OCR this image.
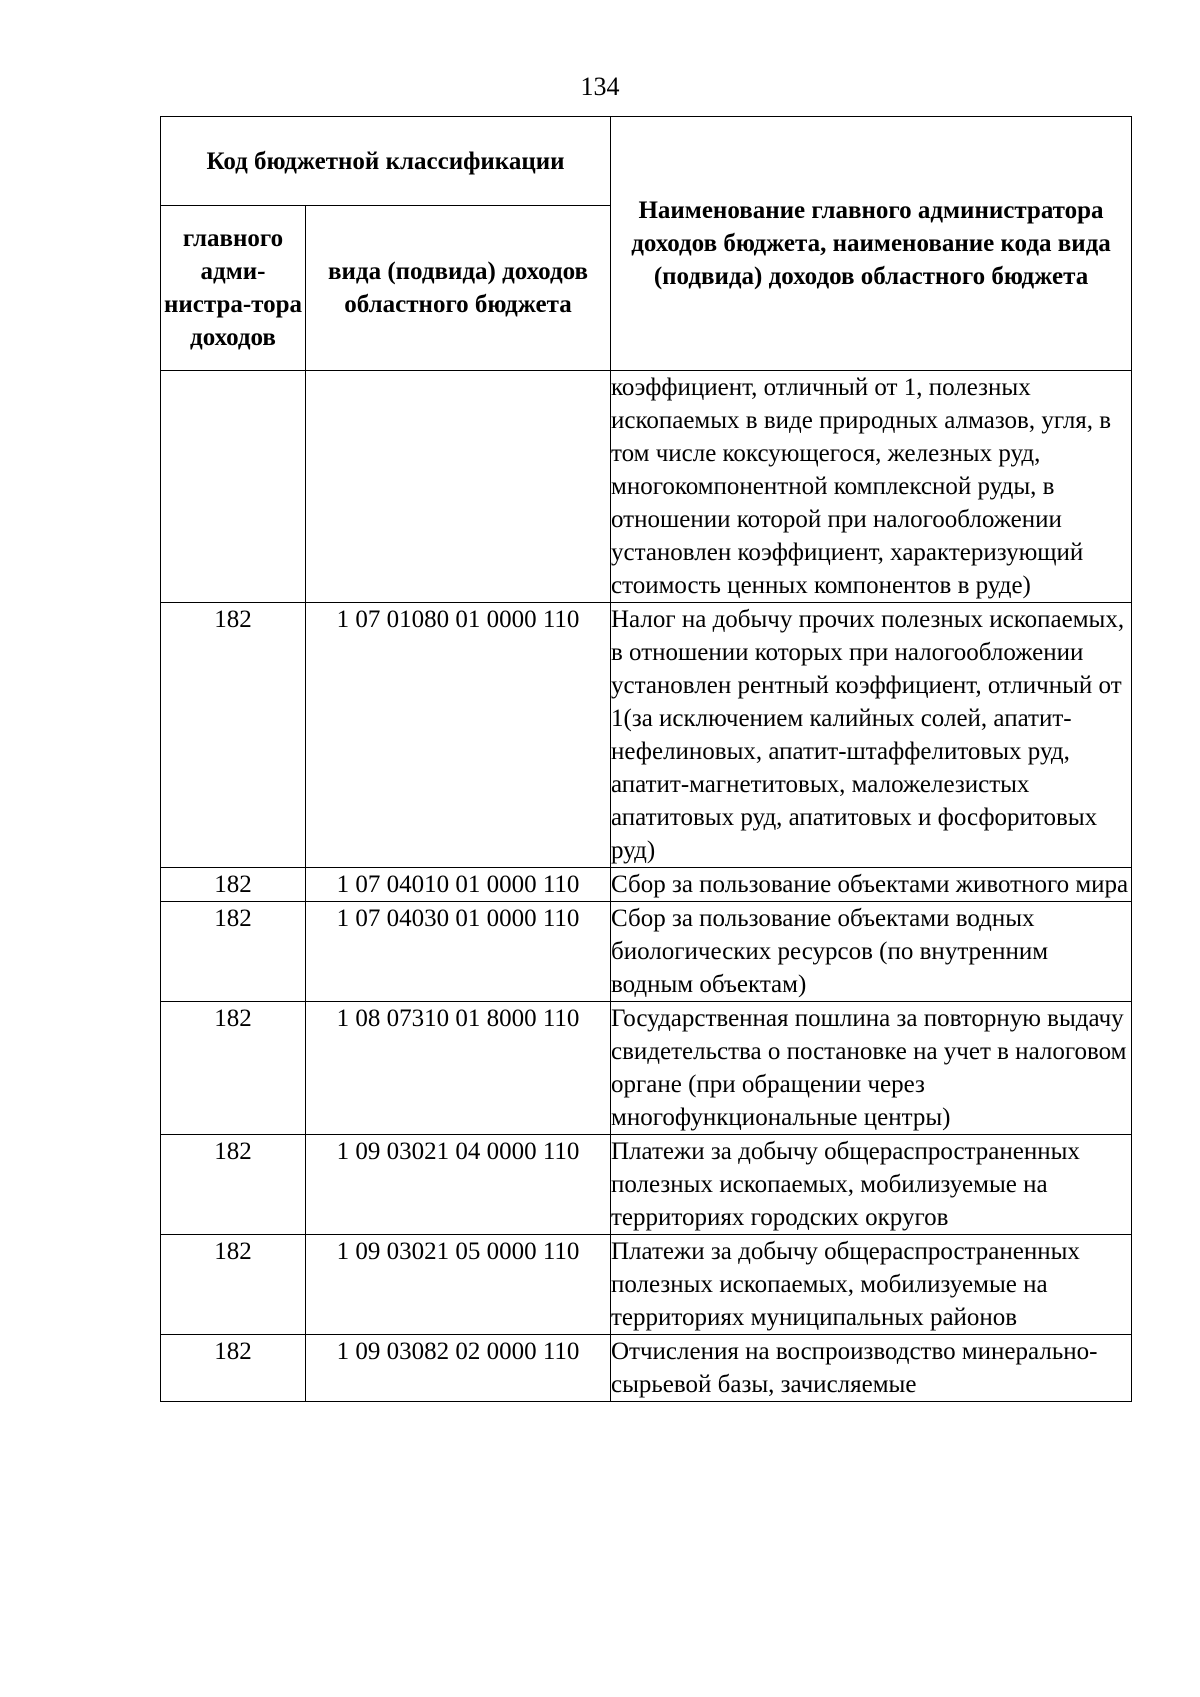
134
Код бюджетной классификации		Наименование главного администратора доходов бюджета, наименование кода вида (подвида) доходов областного бюджета
главного адми-нистра-тора доходов	вида (подвида) доходов областного бюджета	
		коэффициент, отличный от 1, полезных ископаемых в виде природных алмазов, угля, в том числе коксующегося, железных руд, многокомпонентной комплексной руды, в отношении которой при налогообложении установлен коэффициент, характеризующий стоимость ценных компонентов в руде)
182	1 07 01080 01 0000 110	Налог на добычу прочих полезных ископаемых, в отношении которых при налогообложении установлен рентный коэффициент, отличный от 1(за исключением калийных солей, апатит-нефелиновых, апатит-штаффелитовых руд, апатит-магнетитовых, маложелезистых апатитовых руд, апатитовых и фосфоритовых руд)
182	1 07 04010 01 0000 110	Сбор за пользование объектами животного мира
182	1 07 04030 01 0000 110	Сбор за пользование объектами водных биологических ресурсов (по внутренним водным объектам)
182	1 08 07310 01 8000 110	Государственная пошлина за повторную выдачу свидетельства о постановке на учет в налоговом органе (при обращении через многофункциональные центры)
182	1 09 03021 04 0000 110	Платежи за добычу общераспространенных полезных ископаемых, мобилизуемые на территориях городских округов
182	1 09 03021 05 0000 110	Платежи за добычу общераспространенных полезных ископаемых, мобилизуемые на территориях муниципальных районов
182	1 09 03082 02 0000 110	Отчисления на воспроизводство минерально-сырьевой базы, зачисляемые
